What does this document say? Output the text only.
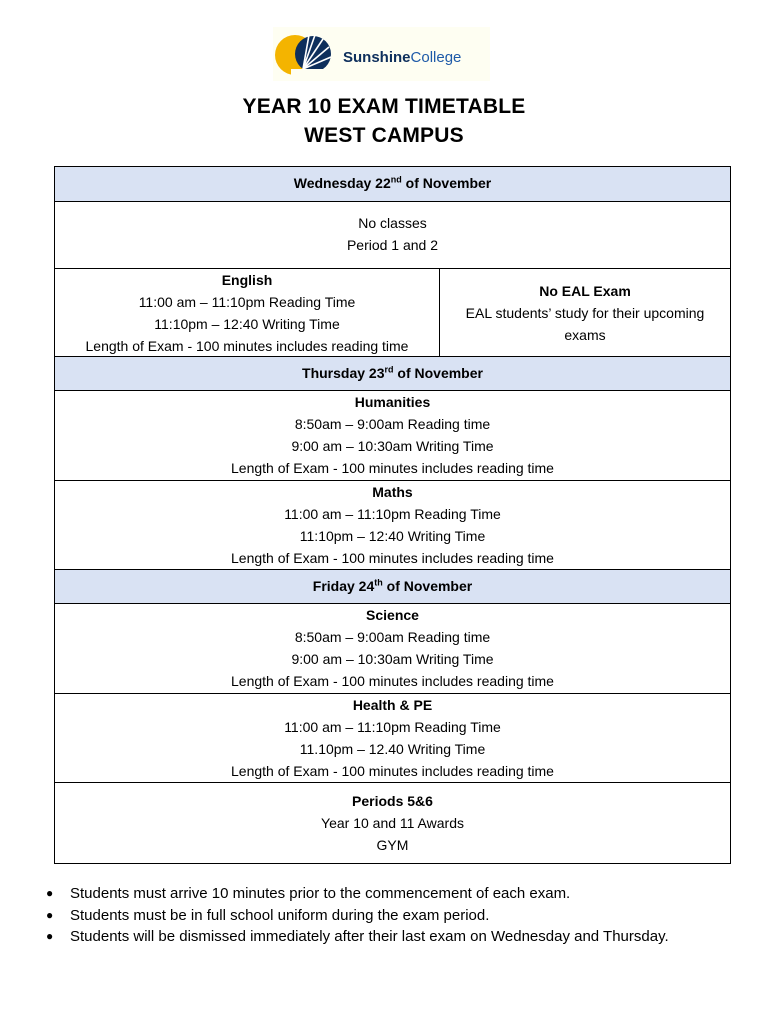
SunshineCollege
YEAR 10 EXAM TIMETABLE
WEST CAMPUS
Wednesday 22nd of November
No classes
Period 1 and 2
English
11:00 am – 11:10pm Reading Time
11:10pm – 12:40 Writing Time
Length of Exam - 100 minutes includes reading time
No EAL Exam
EAL students’ study for their upcoming
exams
Thursday 23rd of November
Humanities
8:50am – 9:00am Reading time
9:00 am – 10:30am Writing Time
Length of Exam - 100 minutes includes reading time
Maths
11:00 am – 11:10pm Reading Time
11:10pm – 12:40 Writing Time
Length of Exam - 100 minutes includes reading time
Friday 24th of November
Science
8:50am – 9:00am Reading time
9:00 am – 10:30am Writing Time
Length of Exam - 100 minutes includes reading time
Health & PE
11:00 am – 11:10pm Reading Time
11.10pm – 12.40 Writing Time
Length of Exam - 100 minutes includes reading time
Periods 5&6
Year 10 and 11 Awards
GYM
● Students must arrive 10 minutes prior to the commencement of each exam.
● Students must be in full school uniform during the exam period.
● Students will be dismissed immediately after their last exam on Wednesday and Thursday.
